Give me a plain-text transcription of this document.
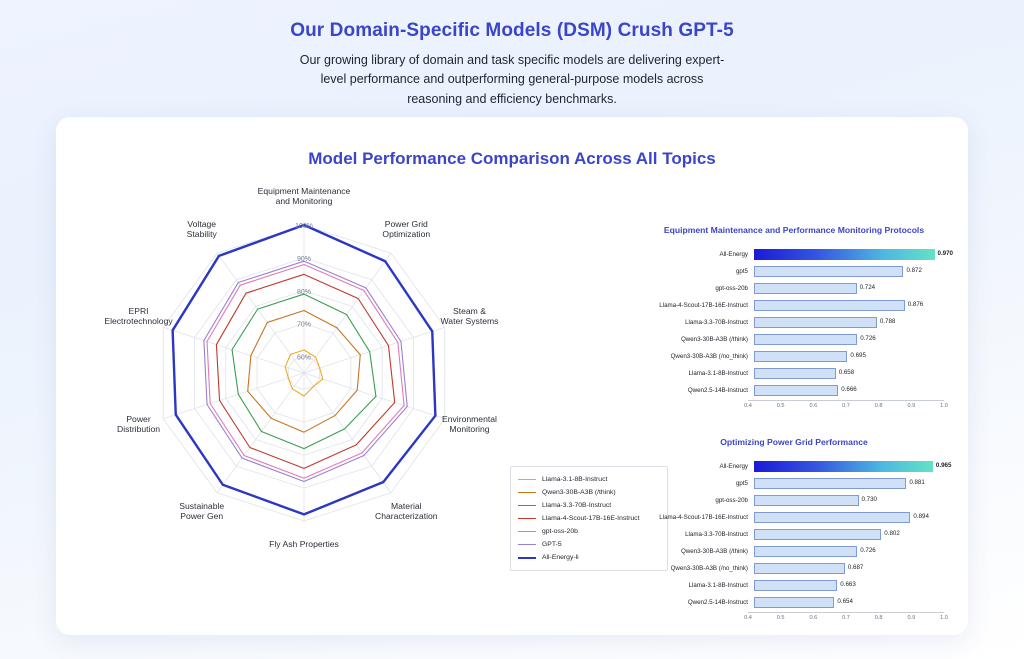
Our Domain-Specific Models (DSM) Crush GPT-5
Our growing library of domain and task specific models are delivering expert-level performance and outperforming general-purpose models across reasoning and efficiency benchmarks.
Model Performance Comparison Across All Topics
Equipment Maintenance and Monitoring
Power Grid Optimization
Steam & Water Systems
Environmental Monitoring
Material Characterization
Fly Ash Properties
Sustainable Power Gen
Power Distribution
EPRI Electrotechnology
Voltage Stability
60%
70%
80%
90%
100%
Llama-3.1-8B-Instruct
Qwen3-30B-A3B (/think)
Llama-3.3-70B-Instruct
Llama-4-Scout-17B-16E-Instruct
gpt-oss-20b
GPT-5
All-Energy-li
Equipment Maintenance and Performance Monitoring Protocols
All-Energy	0.970
gpt5	0.872
gpt-oss-20b	0.724
Llama-4-Scout-17B-16E-Instruct	0.876
Llama-3.3-70B-Instruct	0.788
Qwen3-30B-A3B (/think)	0.726
Qwen3-30B-A3B (/no_think)	0.695
Llama-3.1-8B-Instruct	0.658
Qwen2.5-14B-Instruct	0.666
0.4	0.5	0.6	0.7	0.8	0.9	1.0
Optimizing Power Grid Performance
All-Energy	0.965
gpt5	0.881
gpt-oss-20b	0.730
Llama-4-Scout-17B-16E-Instruct	0.894
Llama-3.3-70B-Instruct	0.802
Qwen3-30B-A3B (/think)	0.726
Qwen3-30B-A3B (/no_think)	0.687
Llama-3.1-8B-Instruct	0.663
Qwen2.5-14B-Instruct	0.654
0.4	0.5	0.6	0.7	0.8	0.9	1.0
